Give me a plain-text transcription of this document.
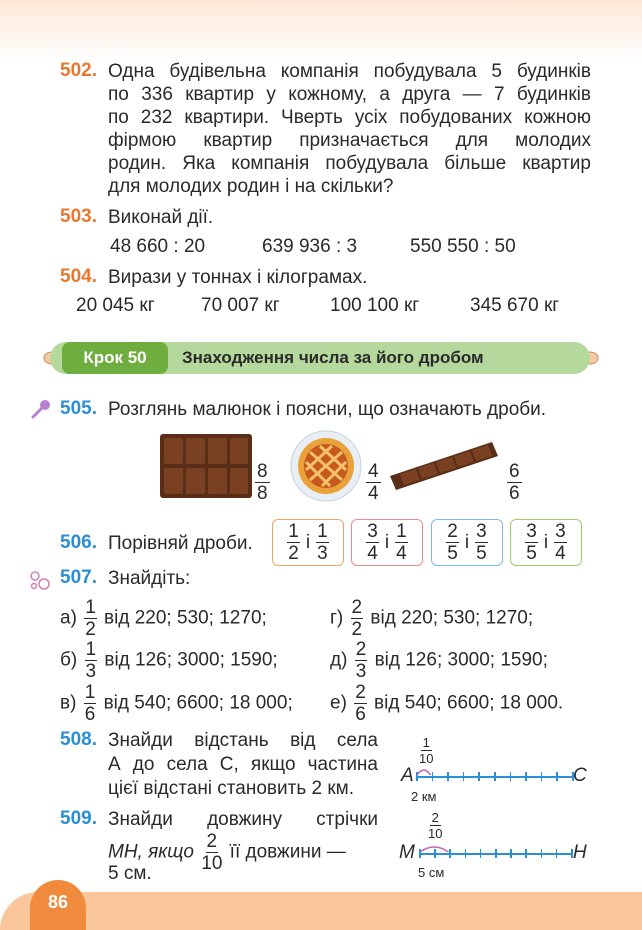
502. Одна будівельна компанія побудувала 5 будинків
по 336 квартир у кожному, а друга — 7 будинків
по 232 квартири. Чверть усіх побудованих кожною
фірмою квартир призначається для молодих
родин. Яка компанія побудувала більше квартир
для молодих родин і на скільки?
503. Виконай дії.
48 660 : 20	639 936 : 3	550 550 : 50
504. Вирази у тоннах і кілограмах.
20 045 кг 70 007 кг	100 100 кг	345 670 кг
Крок 50	Знаходження числа за його дробом
505. Розглянь малюнок і поясни, що означають дроби.
$\frac{8}{8}$	$\frac{4}{4}$	$\frac{6}{6}$
506. Порівняй дроби. $\frac{1}{2}$ і $\frac{1}{3} \frac{3}{4}$ і $\frac{1}{4} \frac{2}{5}$ і $\frac{3}{5} \frac{3}{5}$ і $\frac{3}{4}$
507. Знайдіть:
$а) \frac{1}{2}$ від 220; 530; 1270;	$г) \frac{2}{2}$ від 220; 530; 1270;
$б) \frac{1}{3}$ від 126; 3000; 1590;	$д) \frac{2}{3}$ від 126; 3000; 1590;
$в) \frac{1}{6}$ від 540; 6600; 18 000; $е) \frac{2}{6}$ від 540; 6600; 18 000.
508. Знайди відстань від села
А до села С, якщо частина
цієї відстані становить 2 км.
$\frac{1}{10}$
А	С
2 км
509. Знайди довжину стрічки
МН, якщо $\frac{2}{10}$ її довжини —
5 см.
$\frac{2}{10}$
М	Н
5 см
86
